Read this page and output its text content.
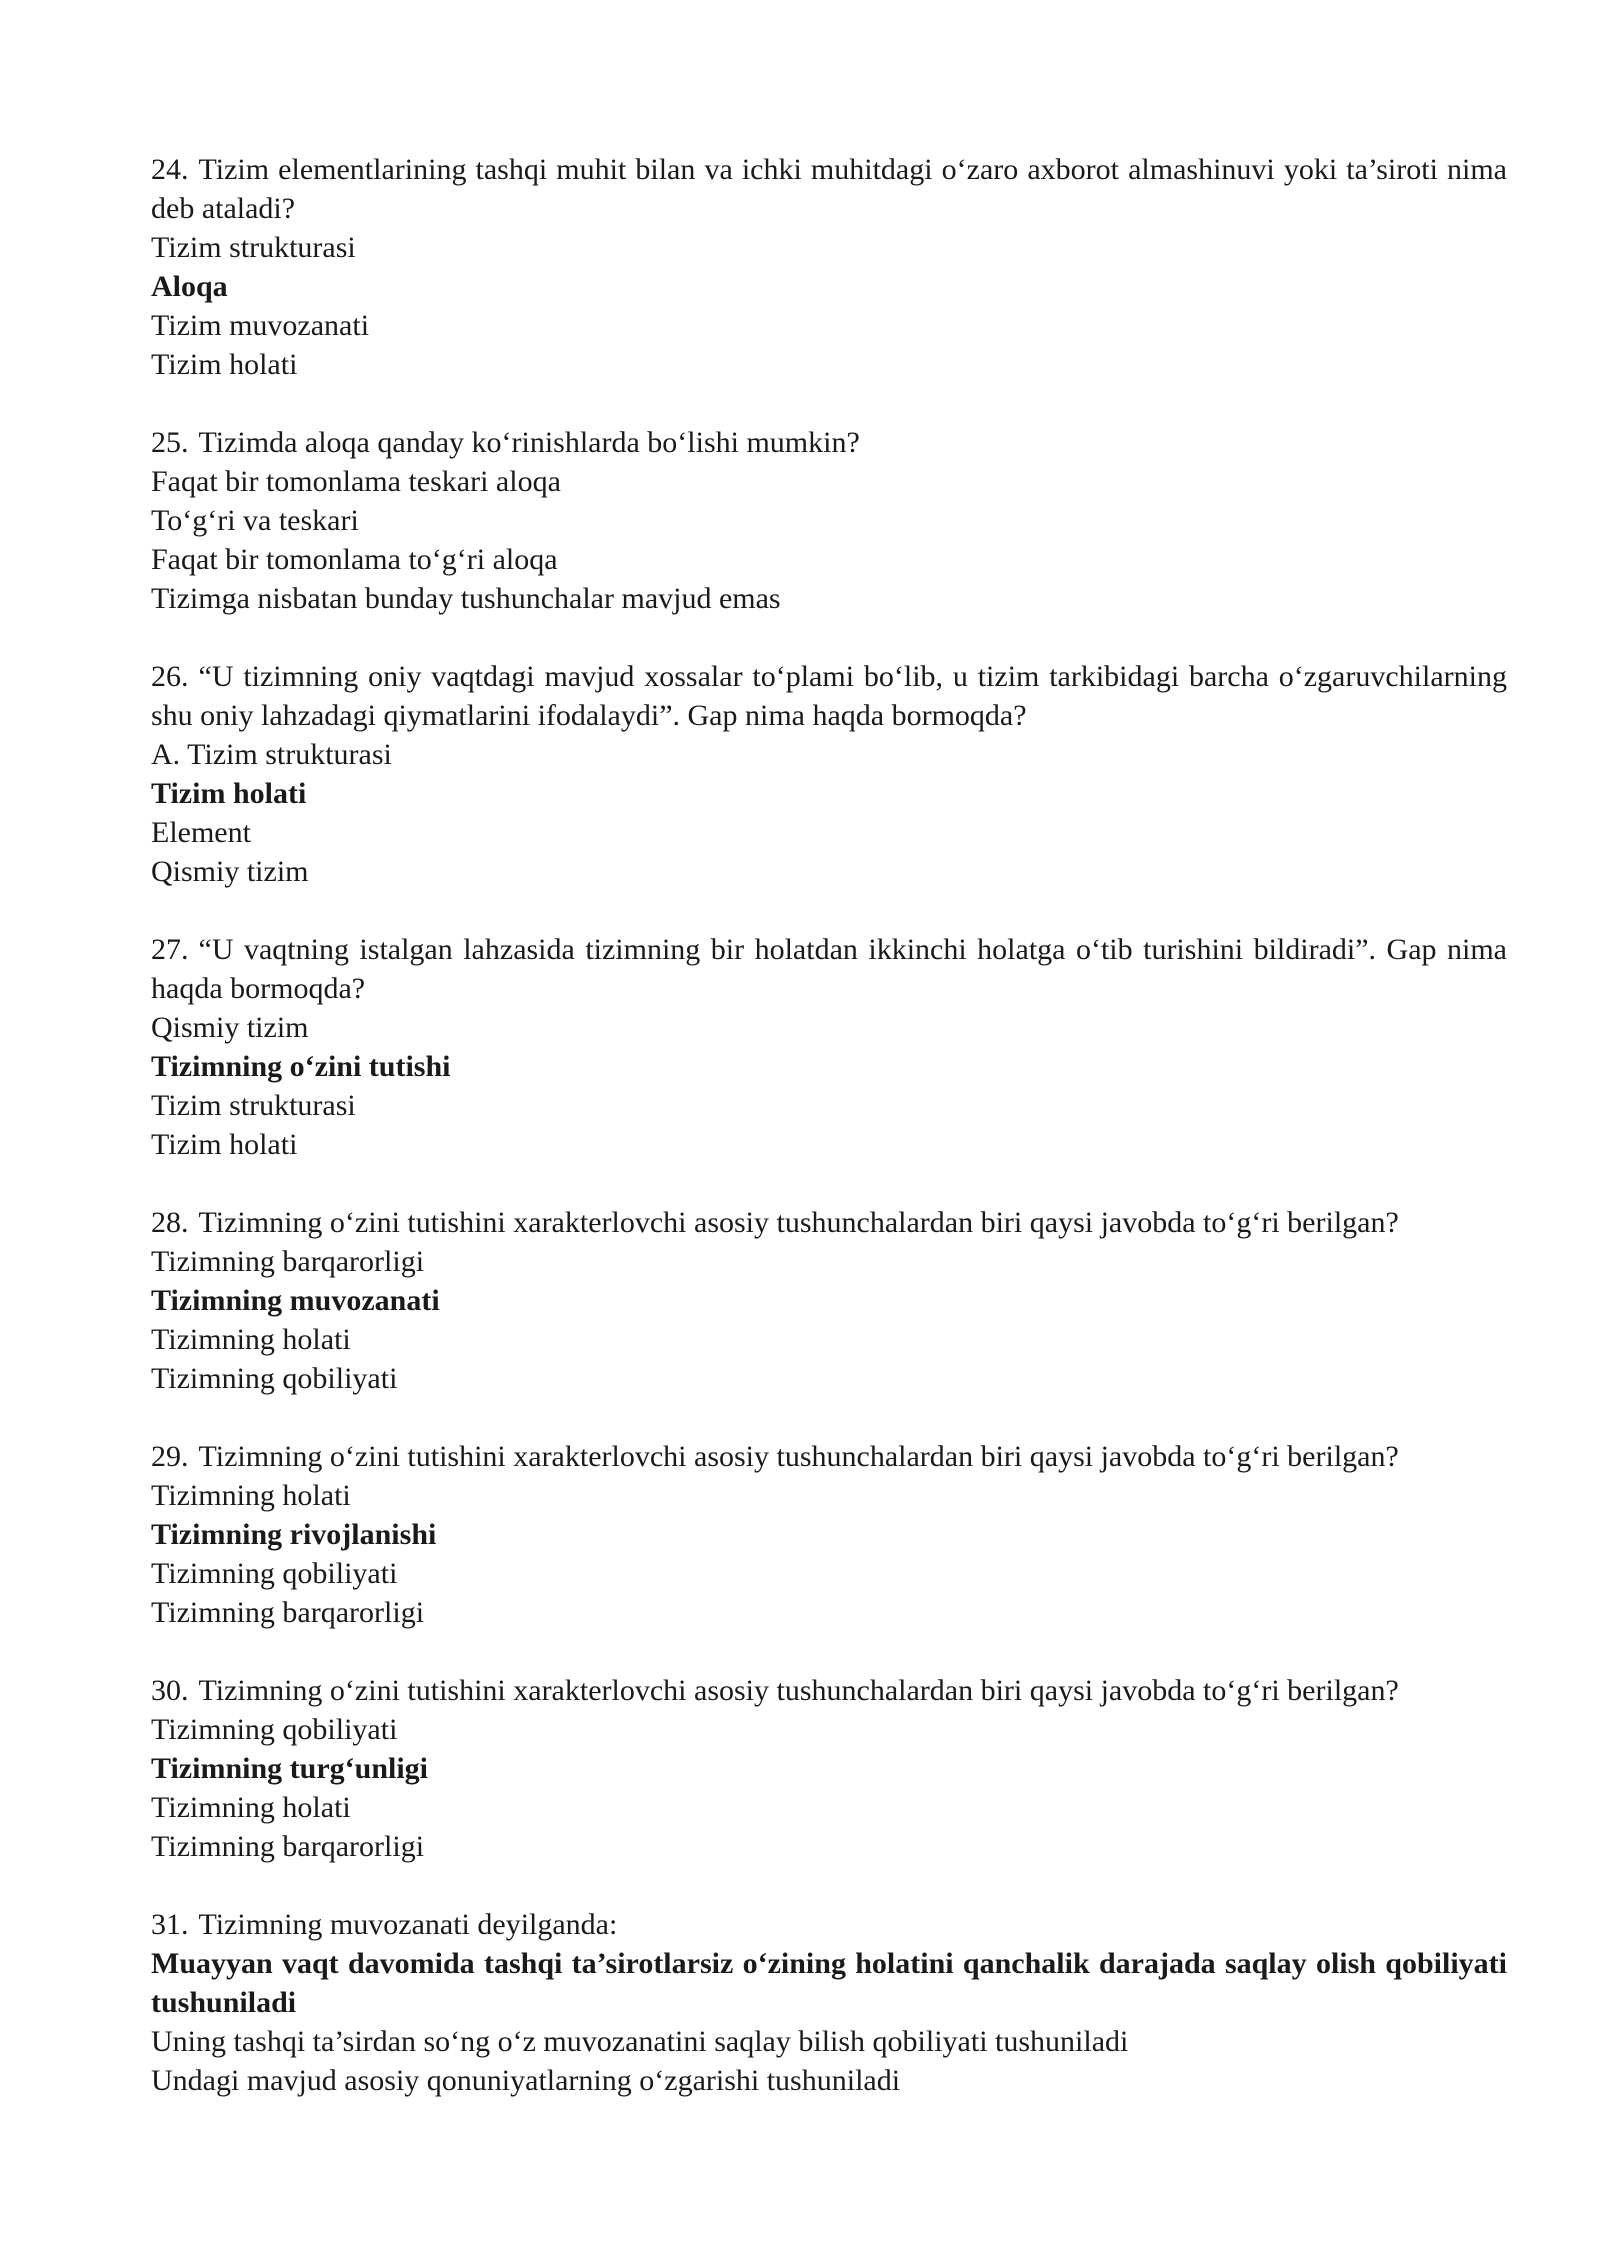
24. Tizim elementlarining tashqi muhit bilan va ichki muhitdagi o‘zaro axborot almashinuvi yoki ta’siroti nima deb ataladi?

Tizim strukturasi

Aloqa

Tizim muvozanati

Tizim holati

25. Tizimda aloqa qanday ko‘rinishlarda bo‘lishi mumkin?

Faqat bir tomonlama teskari aloqa

To‘g‘ri va teskari

Faqat bir tomonlama to‘g‘ri aloqa

Tizimga nisbatan bunday tushunchalar mavjud emas

26. “U tizimning oniy vaqtdagi mavjud xossalar to‘plami bo‘lib, u tizim tarkibidagi barcha o‘zgaruvchilarning shu oniy lahzadagi qiymatlarini ifodalaydi”. Gap nima haqda bormoqda?

A. Tizim strukturasi

Tizim holati

Element

Qismiy tizim

27. “U vaqtning istalgan lahzasida tizimning bir holatdan ikkinchi holatga o‘tib turishini bildiradi”. Gap nima haqda bormoqda?

Qismiy tizim

Tizimning o‘zini tutishi

Tizim strukturasi

Tizim holati

28. Tizimning o‘zini tutishini xarakterlovchi asosiy tushunchalardan biri qaysi javobda to‘g‘ri berilgan?

Tizimning barqarorligi

Tizimning muvozanati

Tizimning holati

Tizimning qobiliyati

29. Tizimning o‘zini tutishini xarakterlovchi asosiy tushunchalardan biri qaysi javobda to‘g‘ri berilgan?

Tizimning holati

Tizimning rivojlanishi

Tizimning qobiliyati

Tizimning barqarorligi

30. Tizimning o‘zini tutishini xarakterlovchi asosiy tushunchalardan biri qaysi javobda to‘g‘ri berilgan?

Tizimning qobiliyati

Tizimning turg‘unligi

Tizimning holati

Tizimning barqarorligi

31. Tizimning muvozanati deyilganda:

Muayyan vaqt davomida tashqi ta’sirotlarsiz o‘zining holatini qanchalik darajada saqlay olish qobiliyati tushuniladi

Uning tashqi ta’sirdan so‘ng o‘z muvozanatini saqlay bilish qobiliyati tushuniladi

Undagi mavjud asosiy qonuniyatlarning o‘zgarishi tushuniladi
